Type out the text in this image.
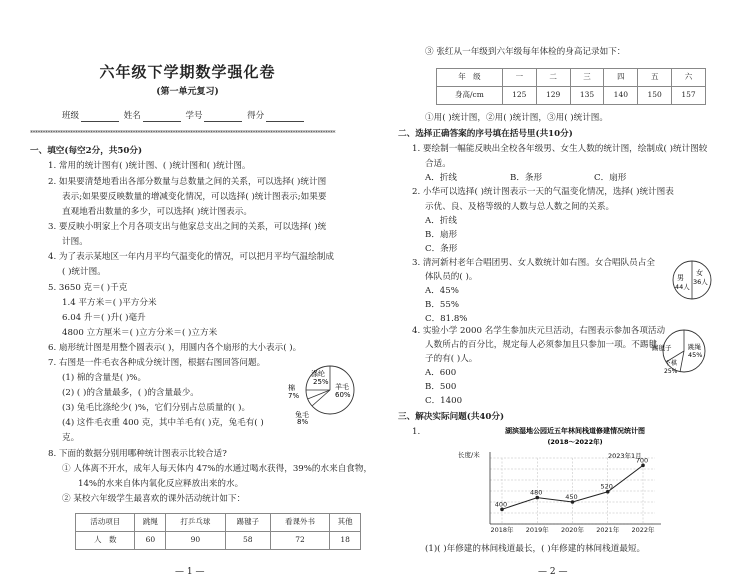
六年级下学期数学强化卷
(第一单元复习)
班级	姓名	学号	得分
**************************************************************************************************************************
一、填空(每空2分，共50分)
1. 常用的统计图有( )统计图、( )统计图和( )统计图。
2. 如果要清楚地看出各部分数量与总数量之间的关系，可以选择( )统计图
表示;如果要反映数量的增减变化情况，可以选择( )统计图表示;如果要
直观地看出数量的多少，可以选择( )统计图表示。
3. 要反映小明家上个月各项支出与他家总支出之间的关系，可以选择( )统
计图。
4. 为了表示某地区一年内月平均气温变化的情况，可以把月平均气温绘制成
( )统计图。
5. 3650 克＝( )千克
1.4 平方米＝( )平方分米
6.04 升＝( )升( )毫升
4800 立方厘米＝( )立方分米＝( )立方米
6. 扇形统计图是用整个圆表示( )，用圆内各个扇形的大小表示( )。
7. 右图是一件毛衣各种成分统计图，根据右图回答问题。
(1) 棉的含量是( )%。
(2) ( )的含量最多，( )的含量最少。
(3) 兔毛比涤纶少( )%，它们分别占总质量的( )。
(4) 这件毛衣重 400 克，其中羊毛有( )克，兔毛有( )
克。
涤纶
25%
羊毛
60%
兔毛
8%
棉
7%
8. 下面的数据分别用哪种统计图表示比较合适?
① 人体离不开水，成年人每天体内 47%的水通过喝水获得，39%的水来自食物，
14%的水来自体内氧化反应释放出来的水。
② 某校六年级学生最喜欢的课外活动统计如下：
活动项目	跳绳	打乒乓球	踢毽子	看课外书	其他
人　数	60	90	58	72	18
— 1 —
③ 张红从一年级到六年级每年体检的身高记录如下：
年　级	一	二	三	四	五	六
身高/cm	125	129	135	140	150	157
①用( )统计图，②用( )统计图，③用( )统计图。
二、选择正确答案的序号填在括号里(共10分)
1. 要绘制一幅能反映出全校各年级男、女生人数的统计图，绘制成( )统计图较
合适。
A．折线	B．条形	C．扇形
2. 小华可以选择( )统计图表示一天的气温变化情况，选择( )统计图表
示优、良、及格等级的人数与总人数之间的关系。
A．折线
B．扇形
C．条形
3. 清河新村老年合唱团男、女人数统计如右图。女合唱队员占全
体队员的( )。
A．45%
B．55%
C．81.8%
男
44人
女
36人
4. 实验小学 2000 名学生参加庆元旦活动，右图表示参加各项活动
人数所占的百分比，规定每人必须参加且只参加一项。不踢毽
子的有( )人。
A．600
B．500
C．1400
踢毽子	跳绳
45%
下棋
25%
三、解决实际问题(共40分)
1.	湖滨湿地公园近五年林间栈道修建情况统计图
(2018～2022年)
长度/米	2023年1月
400
2018年
480
2019年
450
2020年
520
2021年
700
2022年
(1)( )年修建的林间栈道最长，( )年修建的林间栈道最短。
— 2 —
